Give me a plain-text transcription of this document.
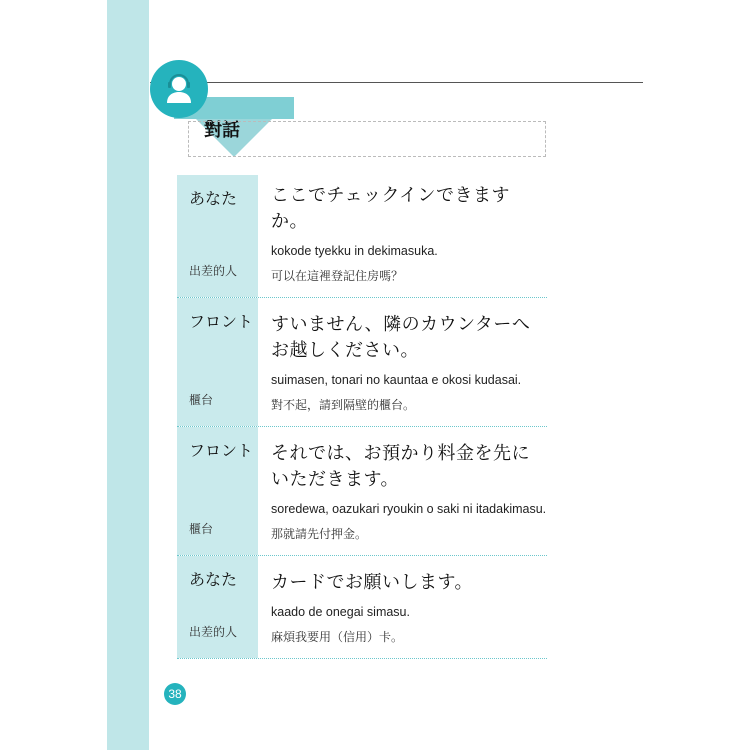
對話
あなた
出差的人
ここでチェックインできますか。
kokode tyekku in dekimasuka.
可以在這裡登記住房嗎？
フロント
櫃台
すいません、隣のカウンターへお越しください。
suimasen, tonari no kauntaa e okosi kudasai.
對不起，請到隔壁的櫃台。
フロント
櫃台
それでは、お預かり料金を先にいただきます。
soredewa, oazukari ryoukin o saki ni itadakimasu.
那就請先付押金。
あなた
出差的人
カードでお願いします。
kaado de onegai simasu.
麻煩我要用（信用）卡。
38
